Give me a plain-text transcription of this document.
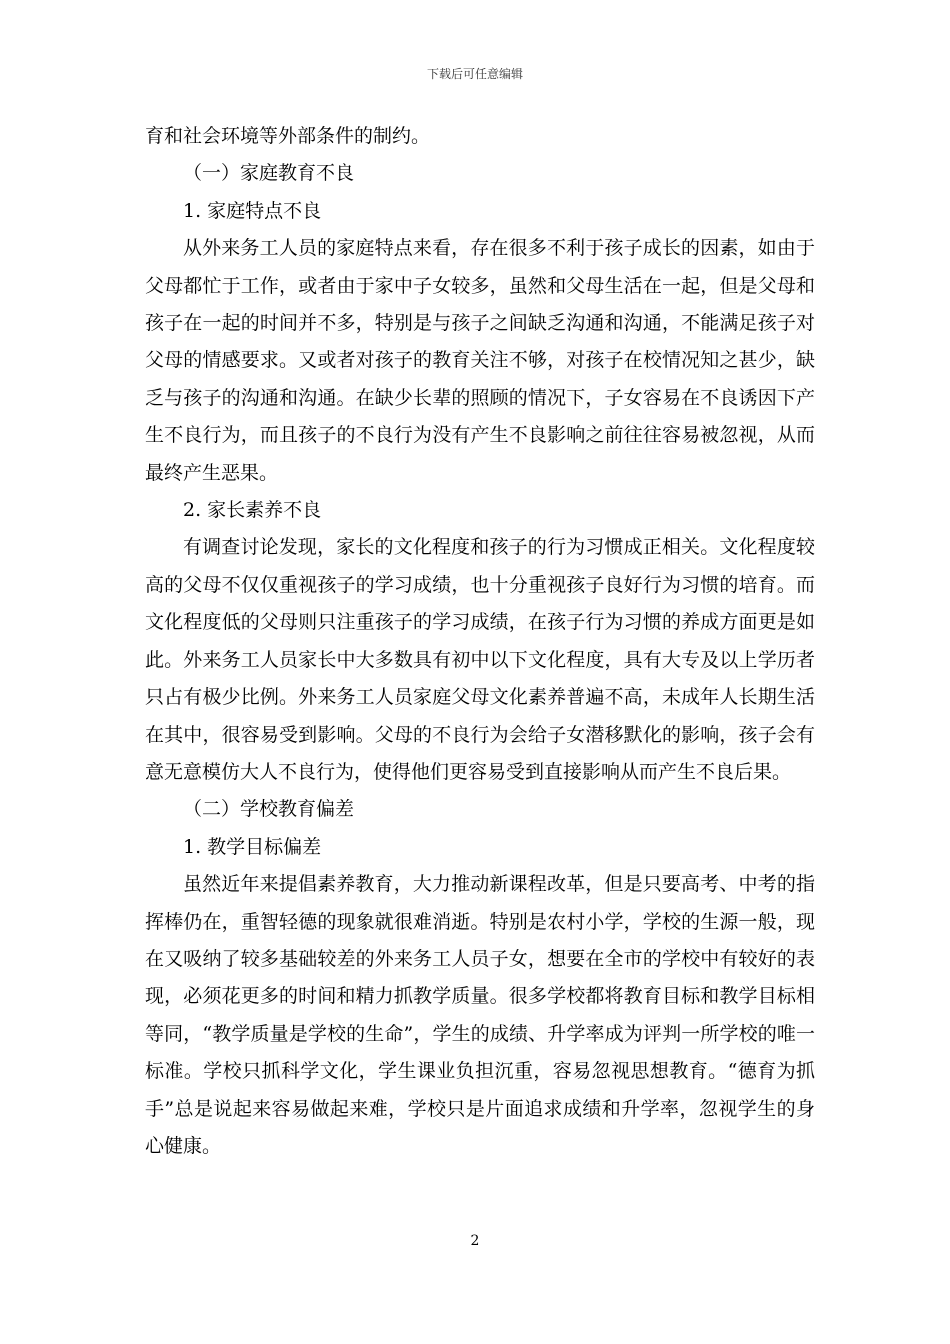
下载后可任意编辑

育和社会环境等外部条件的制约。

（一）家庭教育不良

1. 家庭特点不良

从外来务工人员的家庭特点来看，存在很多不利于孩子成长的因素，如由于父母都忙于工作，或者由于家中子女较多，虽然和父母生活在一起，但是父母和孩子在一起的时间并不多，特别是与孩子之间缺乏沟通和沟通，不能满足孩子对父母的情感要求。又或者对孩子的教育关注不够，对孩子在校情况知之甚少，缺乏与孩子的沟通和沟通。在缺少长辈的照顾的情况下，子女容易在不良诱因下产生不良行为，而且孩子的不良行为没有产生不良影响之前往往容易被忽视，从而最终产生恶果。

2. 家长素养不良

有调查讨论发现，家长的文化程度和孩子的行为习惯成正相关。文化程度较高的父母不仅仅重视孩子的学习成绩，也十分重视孩子良好行为习惯的培育。而文化程度低的父母则只注重孩子的学习成绩，在孩子行为习惯的养成方面更是如此。外来务工人员家长中大多数具有初中以下文化程度，具有大专及以上学历者只占有极少比例。外来务工人员家庭父母文化素养普遍不高，未成年人长期生活在其中，很容易受到影响。父母的不良行为会给子女潜移默化的影响，孩子会有意无意模仿大人不良行为，使得他们更容易受到直接影响从而产生不良后果。

（二）学校教育偏差

1. 教学目标偏差

虽然近年来提倡素养教育，大力推动新课程改革，但是只要高考、中考的指挥棒仍在，重智轻德的现象就很难消逝。特别是农村小学，学校的生源一般，现在又吸纳了较多基础较差的外来务工人员子女，想要在全市的学校中有较好的表现，必须花更多的时间和精力抓教学质量。很多学校都将教育目标和教学目标相等同，“教学质量是学校的生命”，学生的成绩、升学率成为评判一所学校的唯一标准。学校只抓科学文化，学生课业负担沉重，容易忽视思想教育。“德育为抓手”总是说起来容易做起来难，学校只是片面追求成绩和升学率，忽视学生的身心健康。

2
